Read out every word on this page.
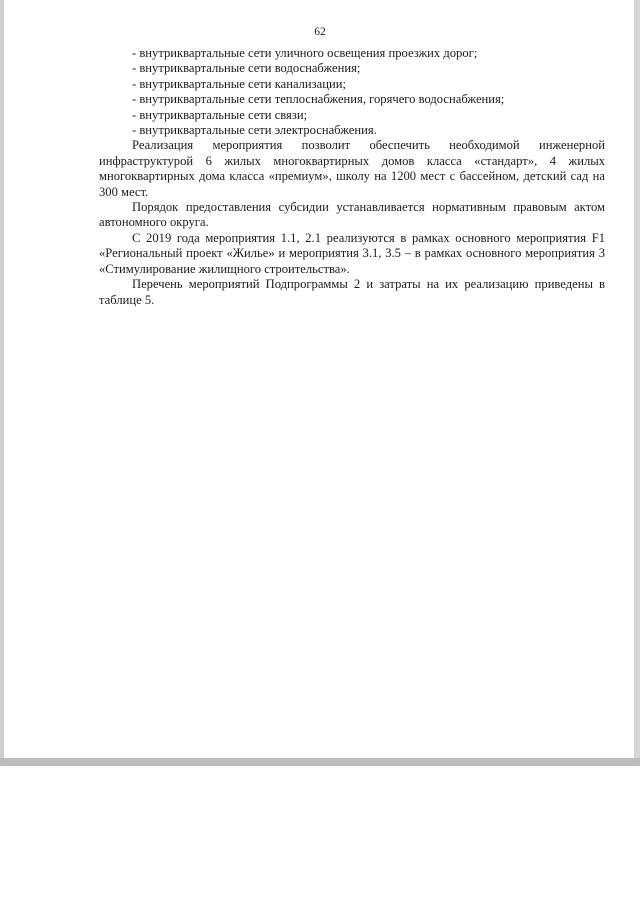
62

- внутриквартальные сети уличного освещения проезжих дорог;

- внутриквартальные сети водоснабжения;

- внутриквартальные сети канализации;

- внутриквартальные сети теплоснабжения, горячего водоснабжения;

- внутриквартальные сети связи;

- внутриквартальные сети электроснабжения.

Реализация мероприятия позволит обеспечить необходимой инженерной инфраструктурой 6 жилых многоквартирных домов класса «стандарт», 4 жилых многоквартирных дома класса «премиум», школу на 1200 мест с бассейном, детский сад на 300 мест.

Порядок предоставления субсидии устанавливается нормативным правовым актом автономного округа.

С 2019 года мероприятия 1.1, 2.1 реализуются в рамках основного мероприятия F1 «Региональный проект «Жилье» и мероприятия 3.1, 3.5 – в рамках основного мероприятия 3 «Стимулирование жилищного строительства».

Перечень мероприятий Подпрограммы 2 и затраты на их реализацию приведены в таблице 5.
